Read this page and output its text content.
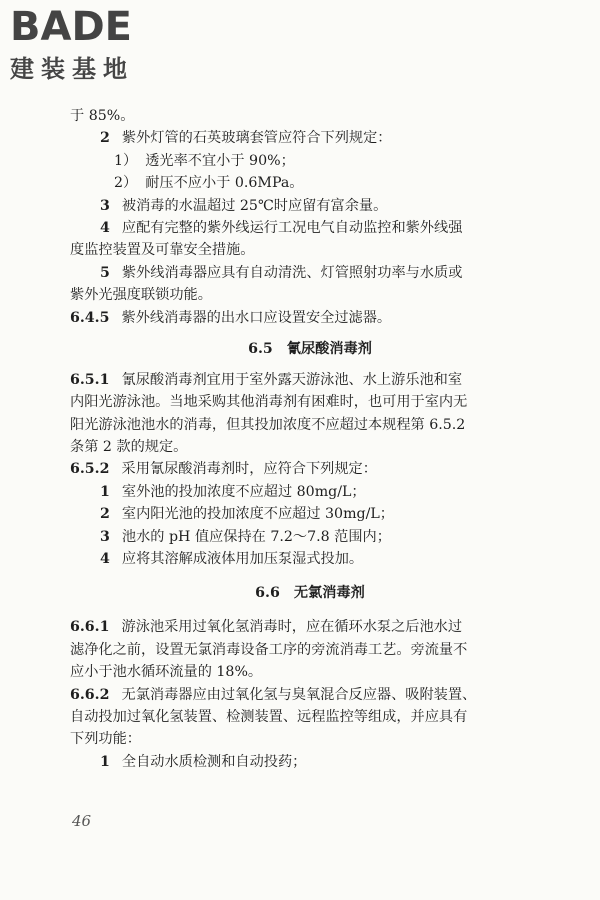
BADE
建装基地
于 85%。
2 紫外灯管的石英玻璃套管应符合下列规定：
1） 透光率不宜小于 90%；
2） 耐压不应小于 0.6MPa。
3 被消毒的水温超过 25℃时应留有富余量。
4 应配有完整的紫外线运行工况电气自动监控和紫外线强
度监控装置及可靠安全措施。
5 紫外线消毒器应具有自动清洗、灯管照射功率与水质或
紫外光强度联锁功能。
6.4.5 紫外线消毒器的出水口应设置安全过滤器。
6.5 氰尿酸消毒剂
6.5.1 氰尿酸消毒剂宜用于室外露天游泳池、水上游乐池和室
内阳光游泳池。当地采购其他消毒剂有困难时，也可用于室内无
阳光游泳池池水的消毒，但其投加浓度不应超过本规程第 6.5.2
条第 2 款的规定。
6.5.2 采用氰尿酸消毒剂时，应符合下列规定：
1 室外池的投加浓度不应超过 80mg/L；
2 室内阳光池的投加浓度不应超过 30mg/L；
3 池水的 pH 值应保持在 7.2～7.8 范围内；
4 应将其溶解成液体用加压泵湿式投加。
6.6 无氯消毒剂
6.6.1 游泳池采用过氧化氢消毒时，应在循环水泵之后池水过
滤净化之前，设置无氯消毒设备工序的旁流消毒工艺。旁流量不
应小于池水循环流量的 18%。
6.6.2 无氯消毒器应由过氧化氢与臭氧混合反应器、吸附装置、
自动投加过氧化氢装置、检测装置、远程监控等组成，并应具有
下列功能：
1 全自动水质检测和自动投药；
46
